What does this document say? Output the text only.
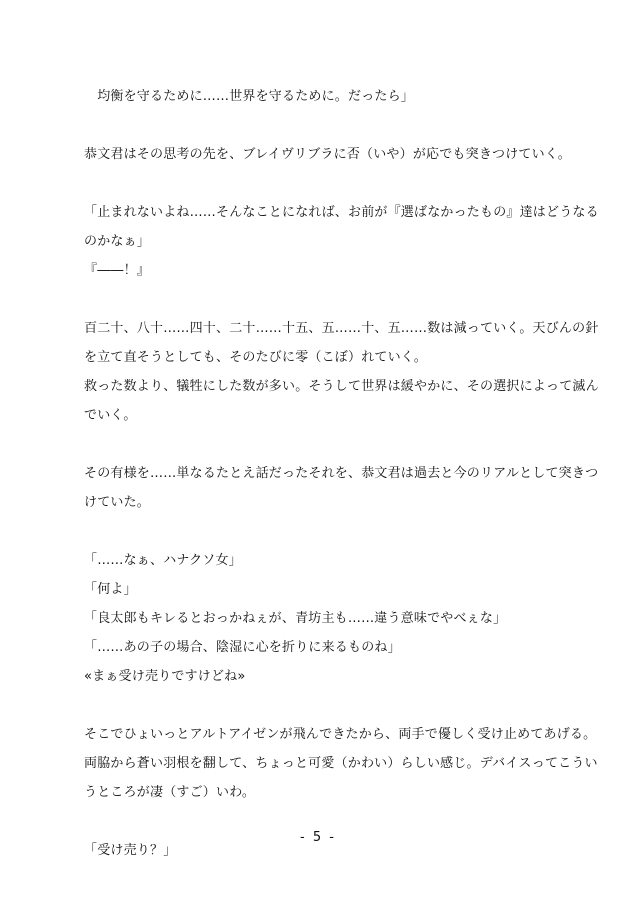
　均衡を守るために……世界を守るために。だったら」
恭文君はその思考の先を、ブレイヴリブラに否（いや）が応でも突きつけていく。
「止まれないよね……そんなことになれば、お前が『選ばなかったもの』達はどうなる
のかなぁ」
『――！』
百二十、八十……四十、二十……十五、五……十、五……数は減っていく。天びんの針
を立て直そうとしても、そのたびに零（こぼ）れていく。
救った数より、犠牲にした数が多い。そうして世界は緩やかに、その選択によって滅ん
でいく。
その有様を……単なるたとえ話だったそれを、恭文君は過去と今のリアルとして突きつ
けていた。
「……なぁ、ハナクソ女」
「何よ」
「良太郎もキレるとおっかねぇが、青坊主も……違う意味でやべぇな」
「……あの子の場合、陰湿に心を折りに来るものね」
«まぁ受け売りですけどね»
そこでひょいっとアルトアイゼンが飛んできたから、両手で優しく受け止めてあげる。
両脇から蒼い羽根を翻して、ちょっと可愛（かわい）らしい感じ。デバイスってこうい
うところが凄（すご）いわ。
「受け売り？」
- 5 -
